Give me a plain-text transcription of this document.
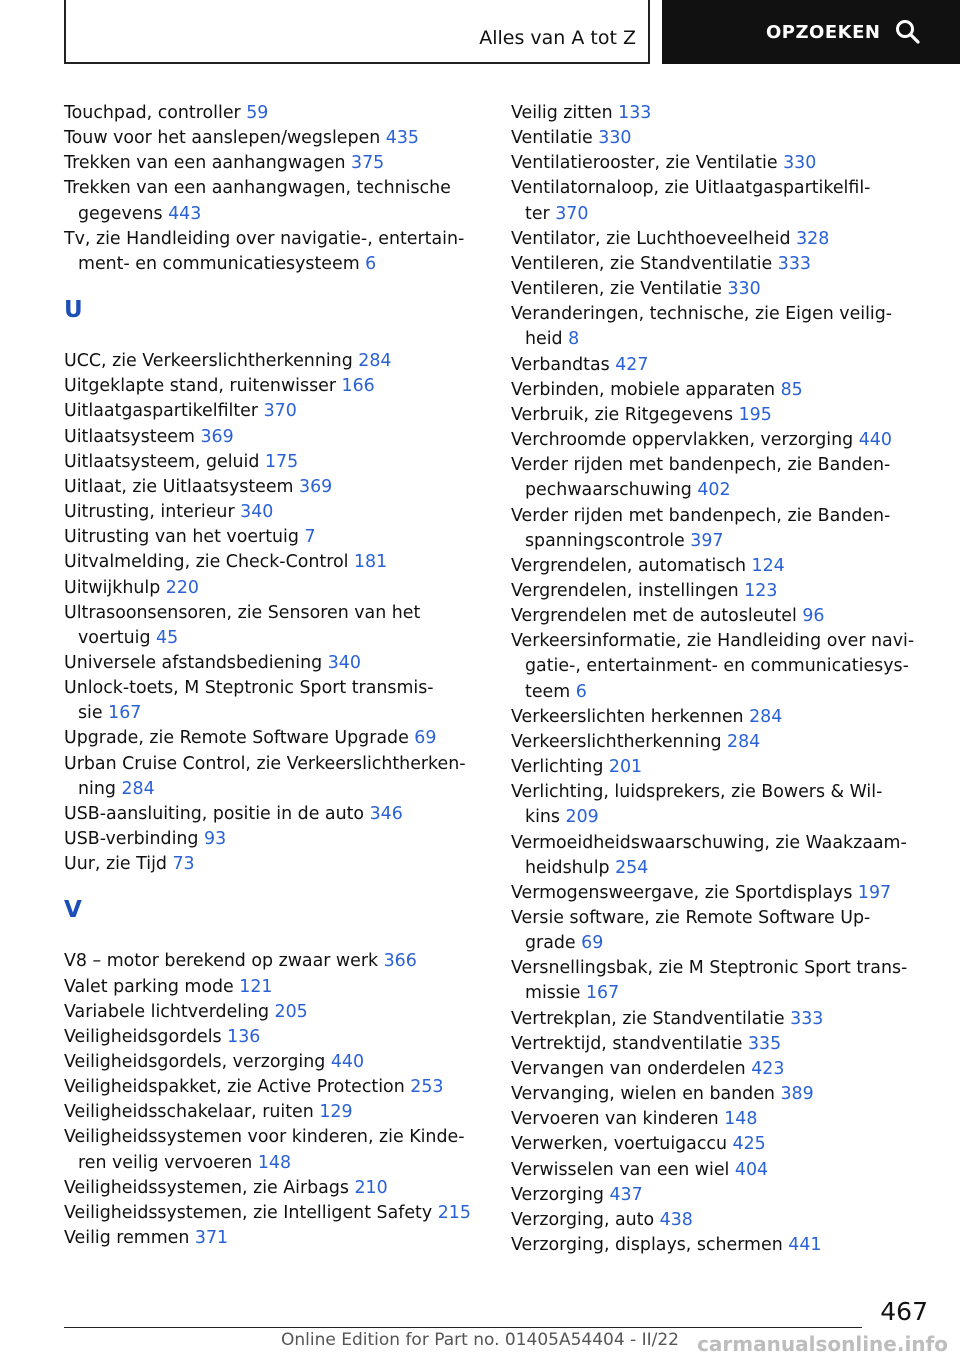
Alles van A tot Z	OPZOEKEN
Touchpad, controller 59
Touw voor het aanslepen/wegslepen 435
Trekken van een aanhangwagen 375
Trekken van een aanhangwagen, technische
gegevens 443
Tv, zie Handleiding over navigatie-, entertain-
ment- en communicatiesysteem 6
U
UCC, zie Verkeerslichtherkenning 284
Uitgeklapte stand, ruitenwisser 166
Uitlaatgaspartikelfilter 370
Uitlaatsysteem 369
Uitlaatsysteem, geluid 175
Uitlaat, zie Uitlaatsysteem 369
Uitrusting, interieur 340
Uitrusting van het voertuig 7
Uitvalmelding, zie Check-Control 181
Uitwijkhulp 220
Ultrasoonsensoren, zie Sensoren van het
voertuig 45
Universele afstandsbediening 340
Unlock-toets, M Steptronic Sport transmis-
sie 167
Upgrade, zie Remote Software Upgrade 69
Urban Cruise Control, zie Verkeerslichtherken-
ning 284
USB-aansluiting, positie in de auto 346
USB-verbinding 93
Uur, zie Tijd 73
V
V8 – motor berekend op zwaar werk 366
Valet parking mode 121
Variabele lichtverdeling 205
Veiligheidsgordels 136
Veiligheidsgordels, verzorging 440
Veiligheidspakket, zie Active Protection 253
Veiligheidsschakelaar, ruiten 129
Veiligheidssystemen voor kinderen, zie Kinde-
ren veilig vervoeren 148
Veiligheidssystemen, zie Airbags 210
Veiligheidssystemen, zie Intelligent Safety 215
Veilig remmen 371
Veilig zitten 133
Ventilatie 330
Ventilatierooster, zie Ventilatie 330
Ventilatornaloop, zie Uitlaatgaspartikelfil-
ter 370
Ventilator, zie Luchthoeveelheid 328
Ventileren, zie Standventilatie 333
Ventileren, zie Ventilatie 330
Veranderingen, technische, zie Eigen veilig-
heid 8
Verbandtas 427
Verbinden, mobiele apparaten 85
Verbruik, zie Ritgegevens 195
Verchroomde oppervlakken, verzorging 440
Verder rijden met bandenpech, zie Banden-
pechwaarschuwing 402
Verder rijden met bandenpech, zie Banden-
spanningscontrole 397
Vergrendelen, automatisch 124
Vergrendelen, instellingen 123
Vergrendelen met de autosleutel 96
Verkeersinformatie, zie Handleiding over navi-
gatie-, entertainment- en communicatiesys-
teem 6
Verkeerslichten herkennen 284
Verkeerslichtherkenning 284
Verlichting 201
Verlichting, luidsprekers, zie Bowers & Wil-
kins 209
Vermoeidheidswaarschuwing, zie Waakzaam-
heidshulp 254
Vermogensweergave, zie Sportdisplays 197
Versie software, zie Remote Software Up-
grade 69
Versnellingsbak, zie M Steptronic Sport trans-
missie 167
Vertrekplan, zie Standventilatie 333
Vertrektijd, standventilatie 335
Vervangen van onderdelen 423
Vervanging, wielen en banden 389
Vervoeren van kinderen 148
Verwerken, voertuigaccu 425
Verwisselen van een wiel 404
Verzorging 437
Verzorging, auto 438
Verzorging, displays, schermen 441
467
Online Edition for Part no. 01405A54404 - II/22 carmanualsonline.info
